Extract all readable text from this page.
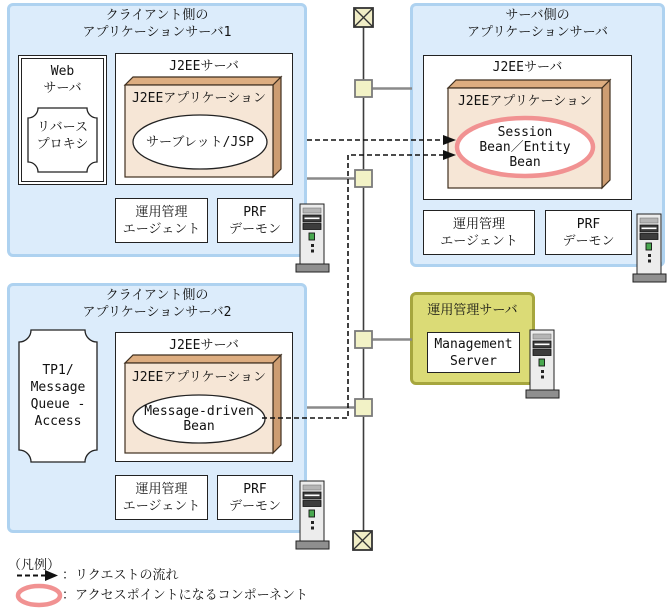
クライアント側の
アプリケーションサーバ1
Web
サーバ
リバース
プロキシ
J2EEサーバ
J2EEアプリケーション
サーブレット/JSP
運用管理
エージェント
PRF
デーモン
サーバ側の
アプリケーションサーバ
J2EEサーバ
J2EEアプリケーション
Session
Bean／Entity
Bean
運用管理
エージェント
PRF
デーモン
クライアント側の
アプリケーションサーバ2
TP1/
Message
Queue -
Access
J2EEサーバ
J2EEアプリケーション
Message-driven
Bean
運用管理
エージェント
PRF
デーモン
運用管理サーバ
Management
Server
（凡例）
：リクエストの流れ
：アクセスポイントになるコンポーネント
